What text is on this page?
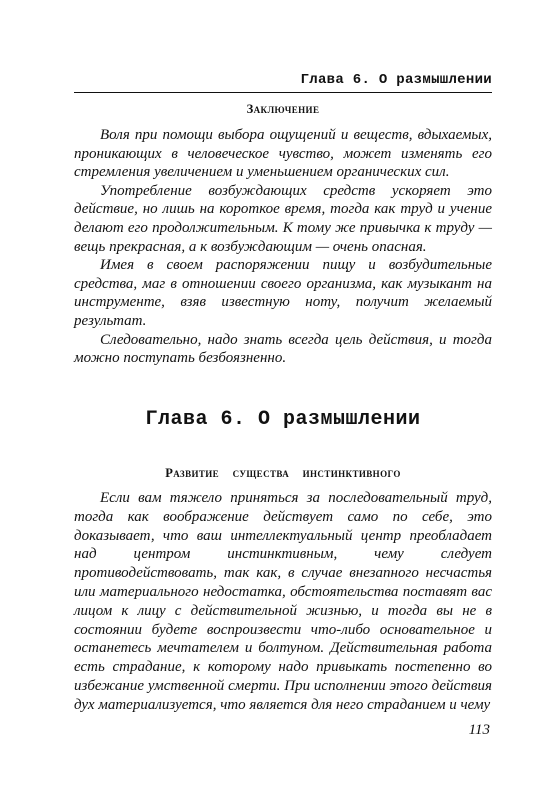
Глава 6. О размышлении
Заключение

Воля при помощи выбора ощущений и веществ, вдыхаемых, проникающих в человеческое чувство, может изменять его стремления увеличением и уменьшением органических сил.

Употребление возбуждающих средств ускоряет это действие, но лишь на короткое время, тогда как труд и учение делают его продолжительным. К тому же привычка к труду — вещь прекрасная, а к возбуждающим — очень опасная.

Имея в своем распоряжении пищу и возбудительные средства, маг в отношении своего организма, как музыкант на инструменте, взяв известную ноту, получит желаемый результат.

Следовательно, надо знать всегда цель действия, и тогда можно поступать безбоязненно.

Глава 6. О размышлении
Развитие существа инстинктивного

Если вам тяжело приняться за последовательный труд, тогда как воображение действует само по себе, это доказывает, что ваш интеллектуальный центр преобладает над центром инстинктивным, чему следует противодействовать, так как, в случае внезапного несчастья или материального недостатка, обстоятельства поставят вас лицом к лицу с действительной жизнью, и тогда вы не в состоянии будете воспроизвести что-либо основательное и останетесь мечтателем и болтуном. Действительная работа есть страдание, к которому надо привыкать постепенно во избежание умственной смерти. При исполнении этого действия дух материализуется, что является для него страданием и чему

113
